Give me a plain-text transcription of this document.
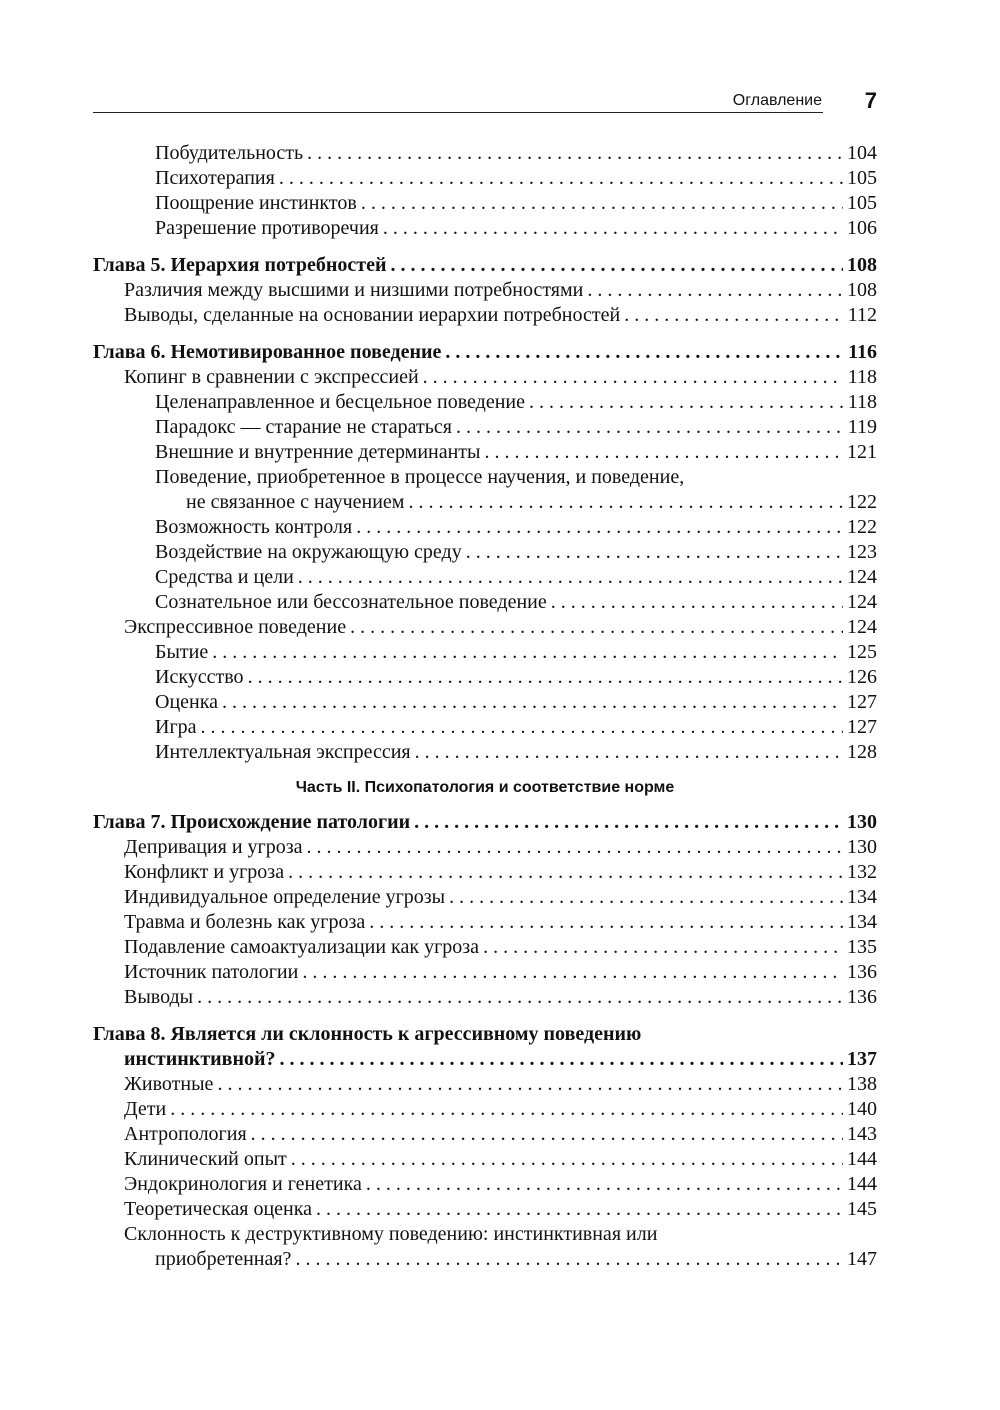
Оглавление 7
Побудительность . . .	104
Психотерапия . . .	105
Поощрение инстинктов . . .	105
Разрешение противоречия . . .	106
Глава 5. Иерархия потребностей . . .	108
Различия между высшими и низшими потребностями . . .	108
Выводы, сделанные на основании иерархии потребностей . . .	112
Глава 6. Немотивированное поведение . . .	116
Копинг в сравнении с экспрессией . . .	118
Целенаправленное и бесцельное поведение . . .	118
Парадокс — старание не стараться . . .	119
Внешние и внутренние детерминанты . . .	121
Поведение, приобретенное в процессе научения, и поведение,
не связанное с научением . . .	122
Возможность контроля . . .	122
Воздействие на окружающую среду . . .	123
Средства и цели . . .	124
Сознательное или бессознательное поведение . . .	124
Экспрессивное поведение . . .	124
Бытие . . .	125
Искусство . . .	126
Оценка . . .	127
Игра . . .	127
Интеллектуальная экспрессия . . .	128
Часть II. Психопатология и соответствие норме
Глава 7. Происхождение патологии . . .	130
Депривация и угроза . . .	130
Конфликт и угроза . . .	132
Индивидуальное определение угрозы . . .	134
Травма и болезнь как угроза . . .	134
Подавление самоактуализации как угроза . . .	135
Источник патологии . . .	136
Выводы . . .	136
Глава 8. Является ли склонность к агрессивному поведению
инстинктивной? . . .	137
Животные . . .	138
Дети . . .	140
Антропология . . .	143
Клинический опыт . . .	144
Эндокринология и генетика . . .	144
Теоретическая оценка . . .	145
Склонность к деструктивному поведению: инстинктивная или
приобретенная? . . .	147
